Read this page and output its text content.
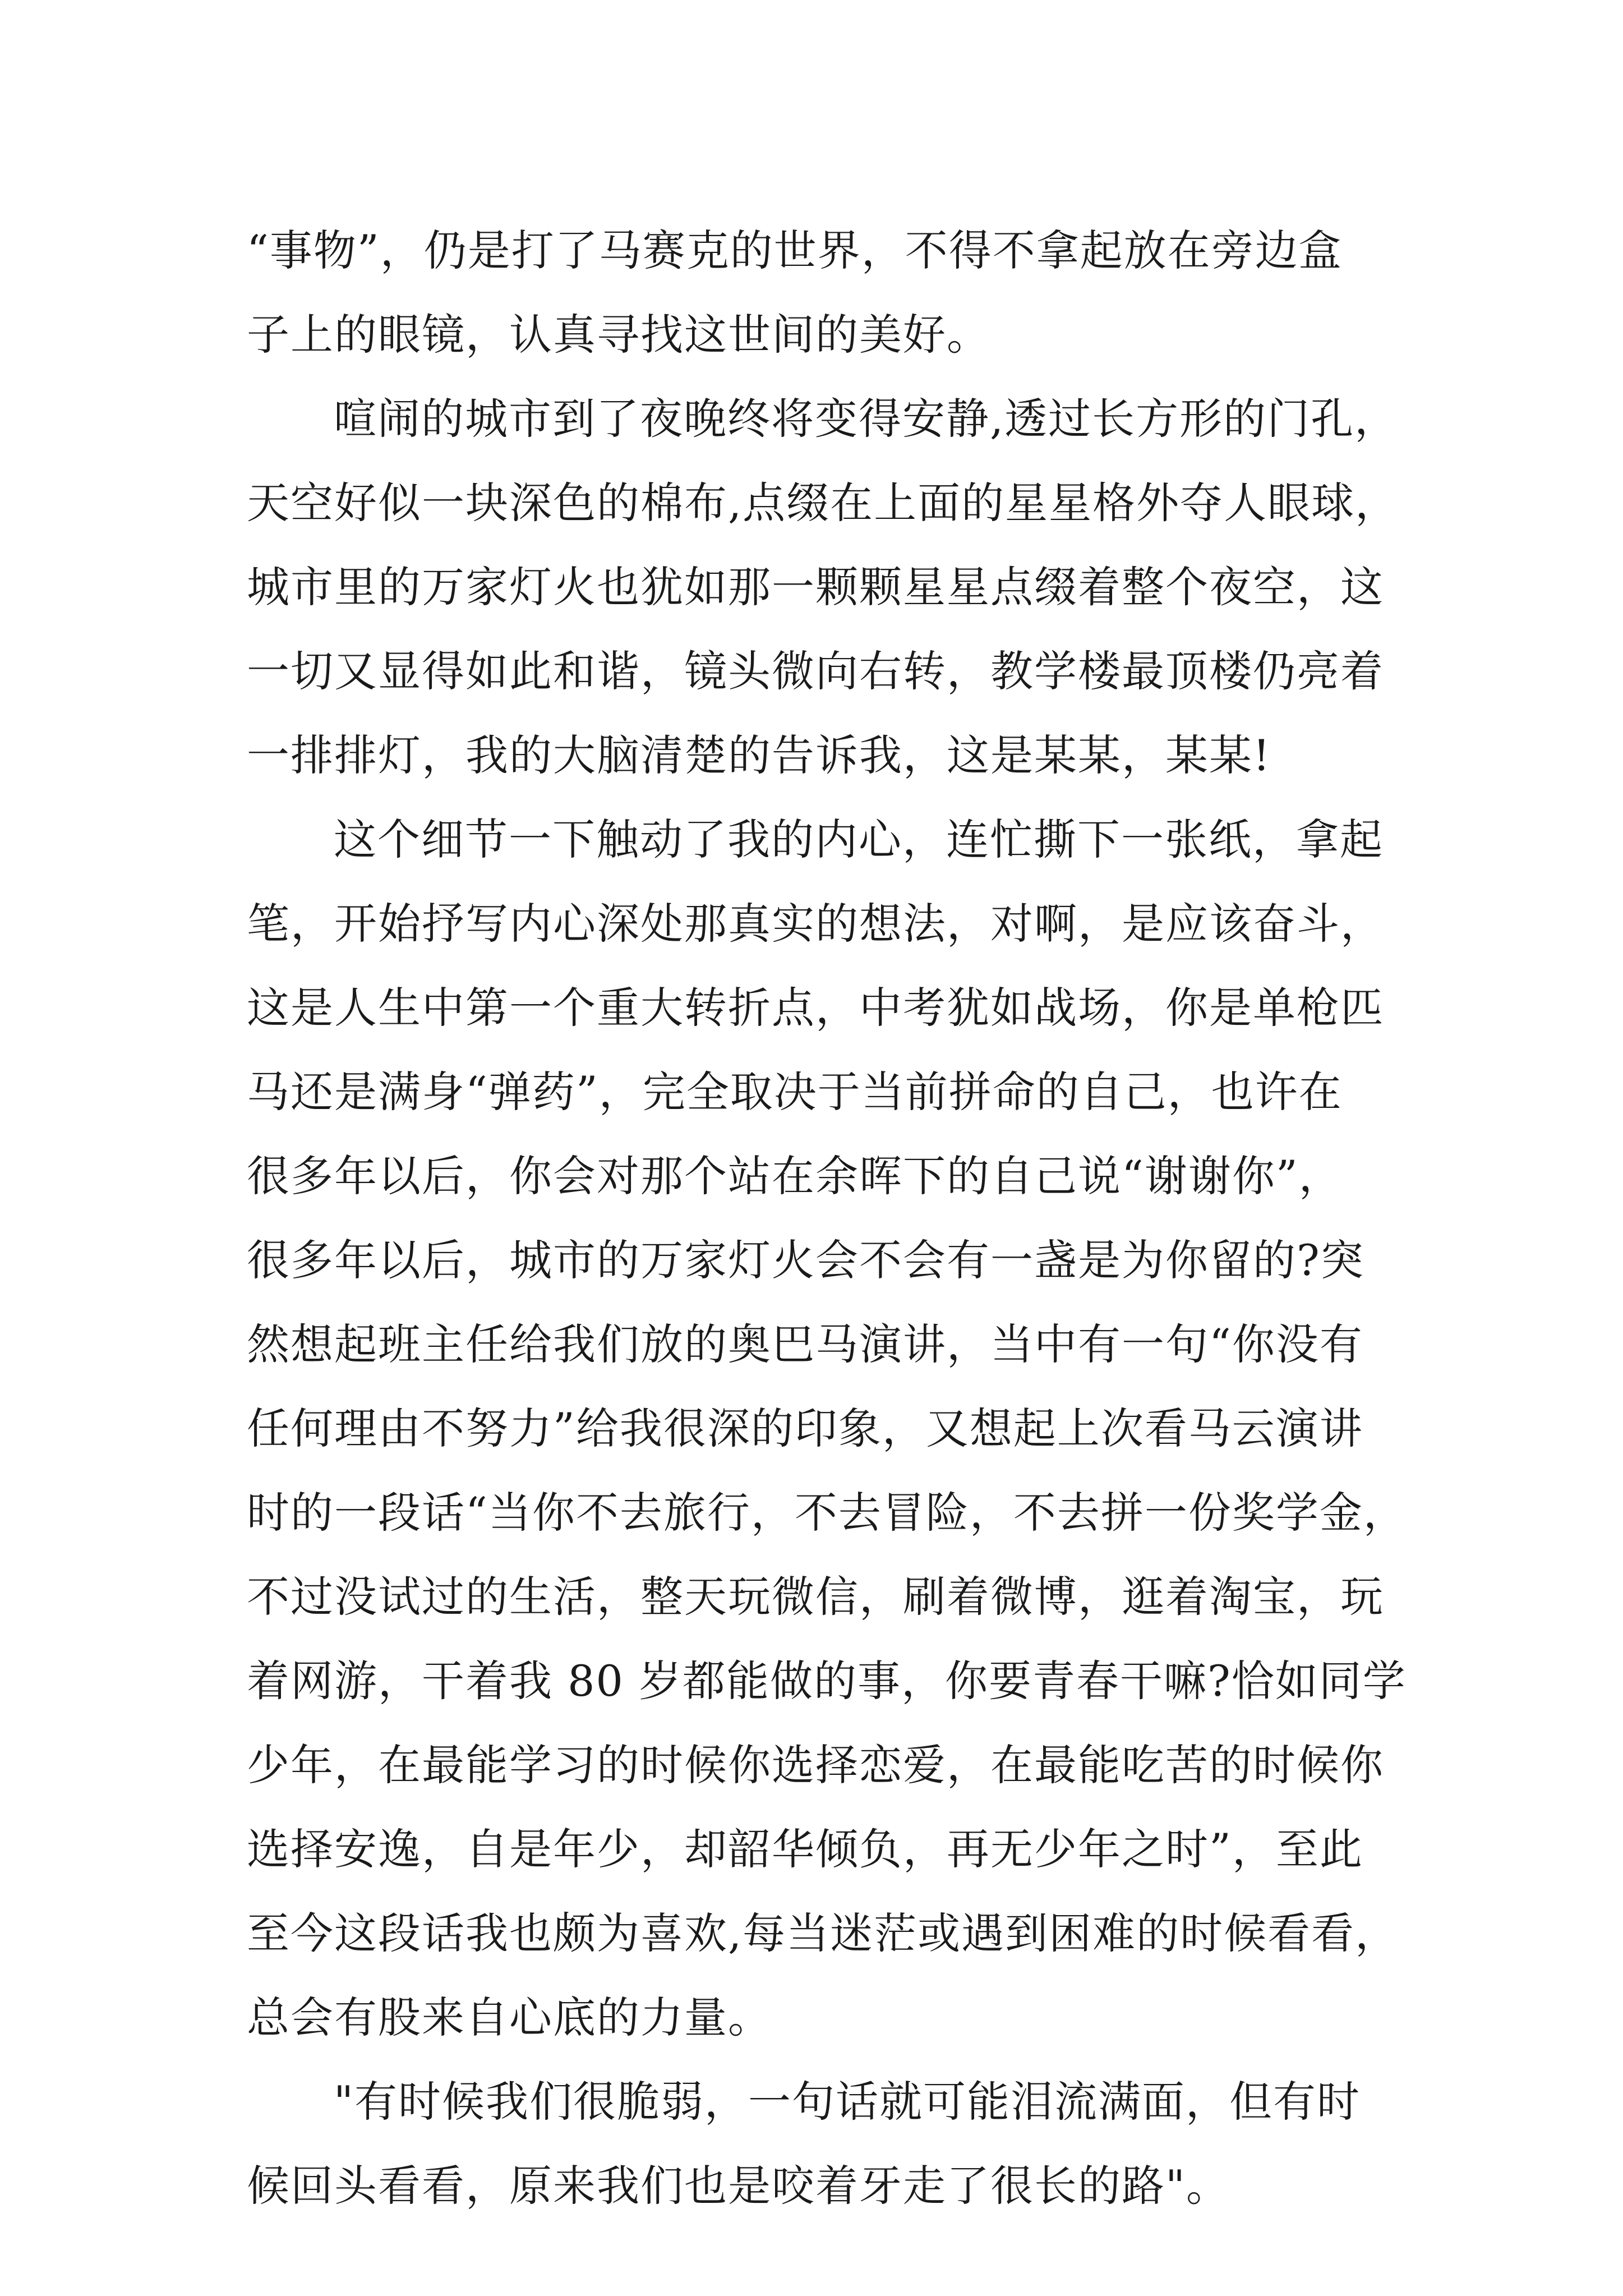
“事物”，仍是打了马赛克的世界，不得不拿起放在旁边盒
子上的眼镜，认真寻找这世间的美好。
喧闹的城市到了夜晚终将变得安静,透过长方形的门孔，
天空好似一块深色的棉布,点缀在上面的星星格外夺人眼球，
城市里的万家灯火也犹如那一颗颗星星点缀着整个夜空，这
一切又显得如此和谐，镜头微向右转，教学楼最顶楼仍亮着
一排排灯，我的大脑清楚的告诉我，这是某某，某某!
这个细节一下触动了我的内心，连忙撕下一张纸，拿起
笔，开始抒写内心深处那真实的想法，对啊，是应该奋斗，
这是人生中第一个重大转折点，中考犹如战场，你是单枪匹
马还是满身“弹药”，完全取决于当前拼命的自己，也许在
很多年以后，你会对那个站在余晖下的自己说“谢谢你”，
很多年以后，城市的万家灯火会不会有一盏是为你留的?突
然想起班主任给我们放的奥巴马演讲，当中有一句“你没有
任何理由不努力”给我很深的印象，又想起上次看马云演讲
时的一段话“当你不去旅行，不去冒险，不去拼一份奖学金，
不过没试过的生活，整天玩微信，刷着微博，逛着淘宝，玩
着网游，干着我 80 岁都能做的事，你要青春干嘛?恰如同学
少年，在最能学习的时候你选择恋爱，在最能吃苦的时候你
选择安逸，自是年少，却韶华倾负，再无少年之时”，至此
至今这段话我也颇为喜欢,每当迷茫或遇到困难的时候看看，
总会有股来自心底的力量。
"有时候我们很脆弱，一句话就可能泪流满面，但有时
候回头看看，原来我们也是咬着牙走了很长的路"。
